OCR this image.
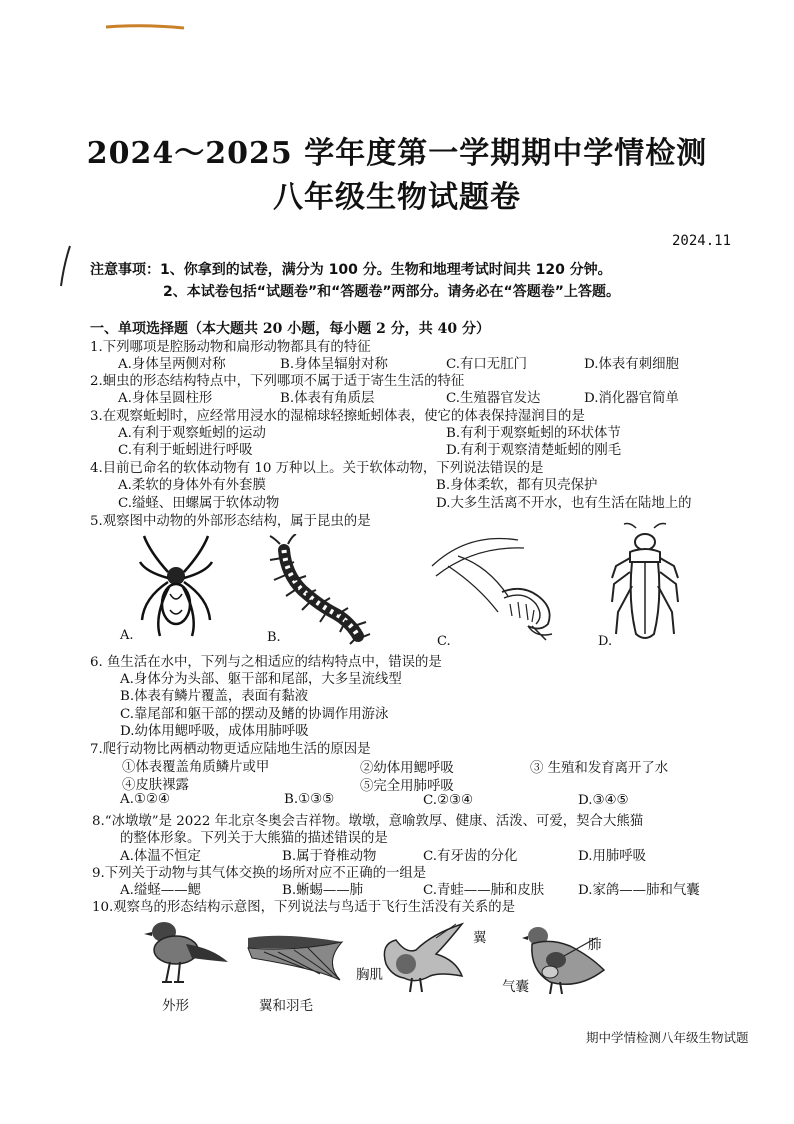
2024～2025 学年度第一学期期中学情检测
八年级生物试题卷
2024.11
注意事项：1、你拿到的试卷，满分为 100 分。生物和地理考试时间共 120 分钟。
2、本试卷包括“试题卷”和“答题卷”两部分。请务必在“答题卷”上答题。
一、单项选择题（本大题共 20 小题，每小题 2 分，共 40 分）
1.下列哪项是腔肠动物和扁形动物都具有的特征
A.身体呈两侧对称	B.身体呈辐射对称	C.有口无肛门	D.体表有刺细胞
2.蛔虫的形态结构特点中，下列哪项不属于适于寄生生活的特征
A.身体呈圆柱形	B.体表有角质层	C.生殖器官发达	D.消化器官简单
3.在观察蚯蚓时，应经常用浸水的湿棉球轻擦蚯蚓体表，使它的体表保持湿润目的是
A.有利于观察蚯蚓的运动	B.有利于观察蚯蚓的环状体节
C.有利于蚯蚓进行呼吸	D.有利于观察清楚蚯蚓的刚毛
4.目前已命名的软体动物有 10 万种以上。关于软体动物，下列说法错误的是
A.柔软的身体外有外套膜	B.身体柔软，都有贝壳保护
C.缢蛏、田螺属于软体动物	D.大多生活离不开水，也有生活在陆地上的
5.观察图中动物的外部形态结构，属于昆虫的是
A.	B.	C.	D.
6. 鱼生活在水中，下列与之相适应的结构特点中，错误的是
A.身体分为头部、躯干部和尾部，大多呈流线型
B.体表有鳞片覆盖，表面有黏液
C.靠尾部和躯干部的摆动及鳍的协调作用游泳
D.幼体用鳃呼吸，成体用肺呼吸
7.爬行动物比两栖动物更适应陆地生活的原因是
①体表覆盖角质鳞片或甲	②幼体用鳃呼吸	③ 生殖和发育离开了水
④皮肤裸露	⑤完全用肺呼吸
A.①②④	B.①③⑤	C.②③④	D.③④⑤
8.“冰墩墩”是 2022 年北京冬奥会吉祥物。墩墩，意喻敦厚、健康、活泼、可爱，契合大熊猫
的整体形象。下列关于大熊猫的描述错误的是
A.体温不恒定	B.属于脊椎动物	C.有牙齿的分化	D.用肺呼吸
9.下列关于动物与其气体交换的场所对应不正确的一组是
A.缢蛏——鳃	B.蜥蜴——肺	C.青蛙——肺和皮肤	D.家鸽——肺和气囊
10.观察鸟的形态结构示意图，下列说法与鸟适于飞行生活没有关系的是
外形	翼和羽毛
胸肌
翼	肺
气囊
期中学情检测八年级生物试题
